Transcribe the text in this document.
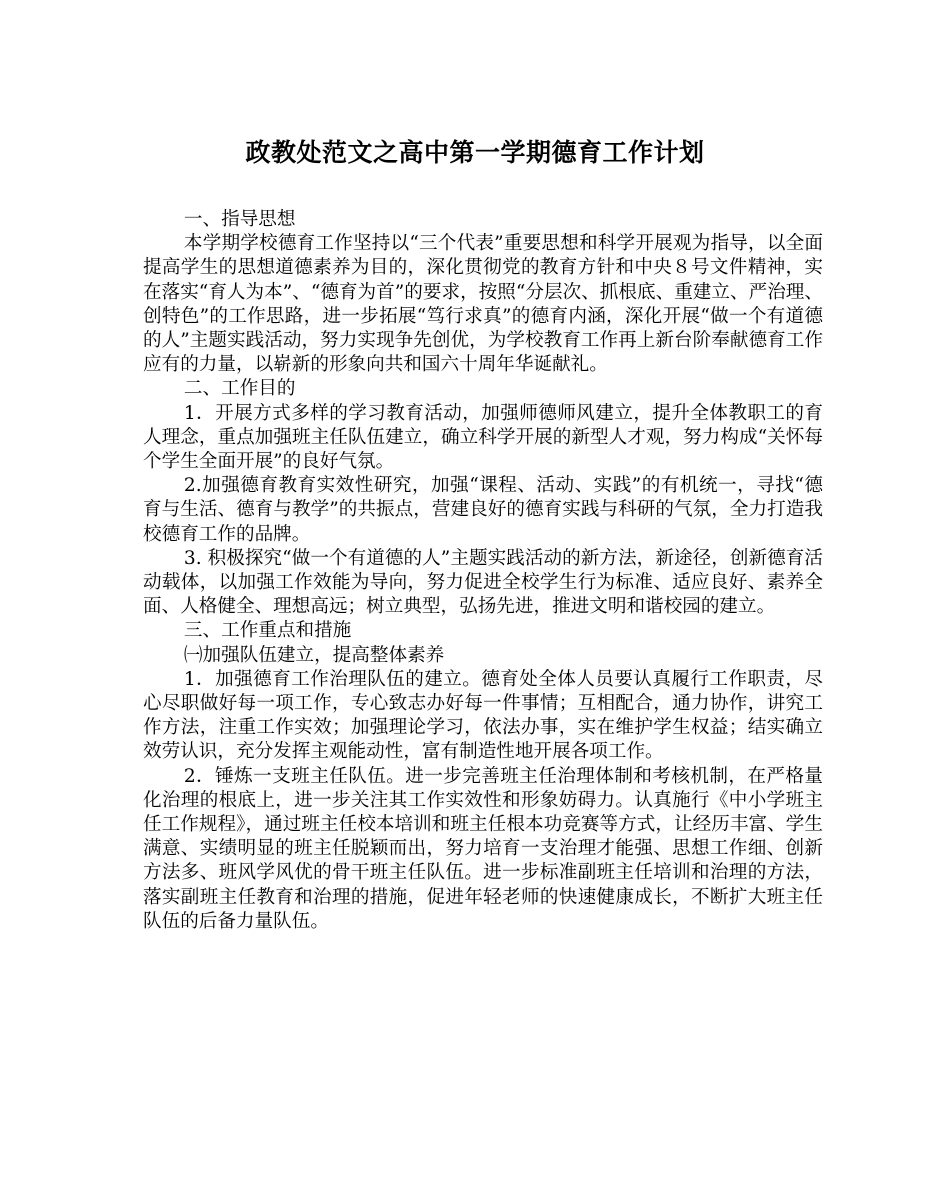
政教处范文之高中第一学期德育工作计划

一、指导思想

本学期学校德育工作坚持以“三个代表”重要思想和科学开展观为指导，以全面提高学生的思想道德素养为目的，深化贯彻党的教育方针和中央８号文件精神，实在落实“育人为本”、“德育为首”的要求，按照“分层次、抓根底、重建立、严治理、创特色”的工作思路，进一步拓展“笃行求真”的德育内涵，深化开展“做一个有道德的人”主题实践活动，努力实现争先创优，为学校教育工作再上新台阶奉献德育工作应有的力量，以崭新的形象向共和国六十周年华诞献礼。

二、工作目的

1．开展方式多样的学习教育活动，加强师德师风建立，提升全体教职工的育人理念，重点加强班主任队伍建立，确立科学开展的新型人才观，努力构成“关怀每个学生全面开展”的良好气氛。

2.加强德育教育实效性研究，加强“课程、活动、实践”的有机统一，寻找“德育与生活、德育与教学”的共振点，营建良好的德育实践与科研的气氛，全力打造我校德育工作的品牌。

3. 积极探究“做一个有道德的人”主题实践活动的新方法，新途径，创新德育活动载体，以加强工作效能为导向，努力促进全校学生行为标准、适应良好、素养全面、人格健全、理想高远；树立典型，弘扬先进，推进文明和谐校园的建立。

三、工作重点和措施

㈠加强队伍建立，提高整体素养

1．加强德育工作治理队伍的建立。德育处全体人员要认真履行工作职责，尽心尽职做好每一项工作，专心致志办好每一件事情；互相配合，通力协作，讲究工作方法，注重工作实效；加强理论学习，依法办事，实在维护学生权益；结实确立效劳认识，充分发挥主观能动性，富有制造性地开展各项工作。

2．锤炼一支班主任队伍。进一步完善班主任治理体制和考核机制，在严格量化治理的根底上，进一步关注其工作实效性和形象妨碍力。认真施行《中小学班主任工作规程》，通过班主任校本培训和班主任根本功竞赛等方式，让经历丰富、学生满意、实绩明显的班主任脱颖而出，努力培育一支治理才能强、思想工作细、创新方法多、班风学风优的骨干班主任队伍。进一步标准副班主任培训和治理的方法，落实副班主任教育和治理的措施，促进年轻老师的快速健康成长，不断扩大班主任队伍的后备力量队伍。
